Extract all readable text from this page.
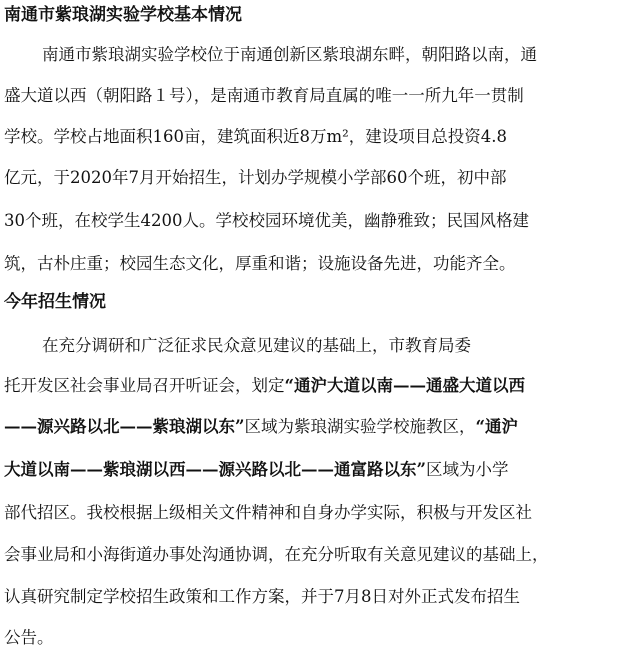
南通市紫琅湖实验学校基本情况

南通市紫琅湖实验学校位于南通创新区紫琅湖东畔，朝阳路以南，通

盛大道以西（朝阳路１号），是南通市教育局直属的唯一一所九年一贯制

学校。学校占地面积160亩，建筑面积近8万m²，建设项目总投资4.8

亿元，于2020年7月开始招生，计划办学规模小学部60个班，初中部

30个班，在校学生4200人。学校校园环境优美，幽静雅致；民国风格建

筑，古朴庄重；校园生态文化，厚重和谐；设施设备先进，功能齐全。

今年招生情况

在充分调研和广泛征求民众意见建议的基础上，市教育局委

托开发区社会事业局召开听证会，划定“通沪大道以南——通盛大道以西

——源兴路以北——紫琅湖以东”区域为紫琅湖实验学校施教区，“通沪

大道以南——紫琅湖以西——源兴路以北——通富路以东”区域为小学

部代招区。我校根据上级相关文件精神和自身办学实际，积极与开发区社

会事业局和小海街道办事处沟通协调，在充分听取有关意见建议的基础上，

认真研究制定学校招生政策和工作方案，并于7月8日对外正式发布招生

公告。
